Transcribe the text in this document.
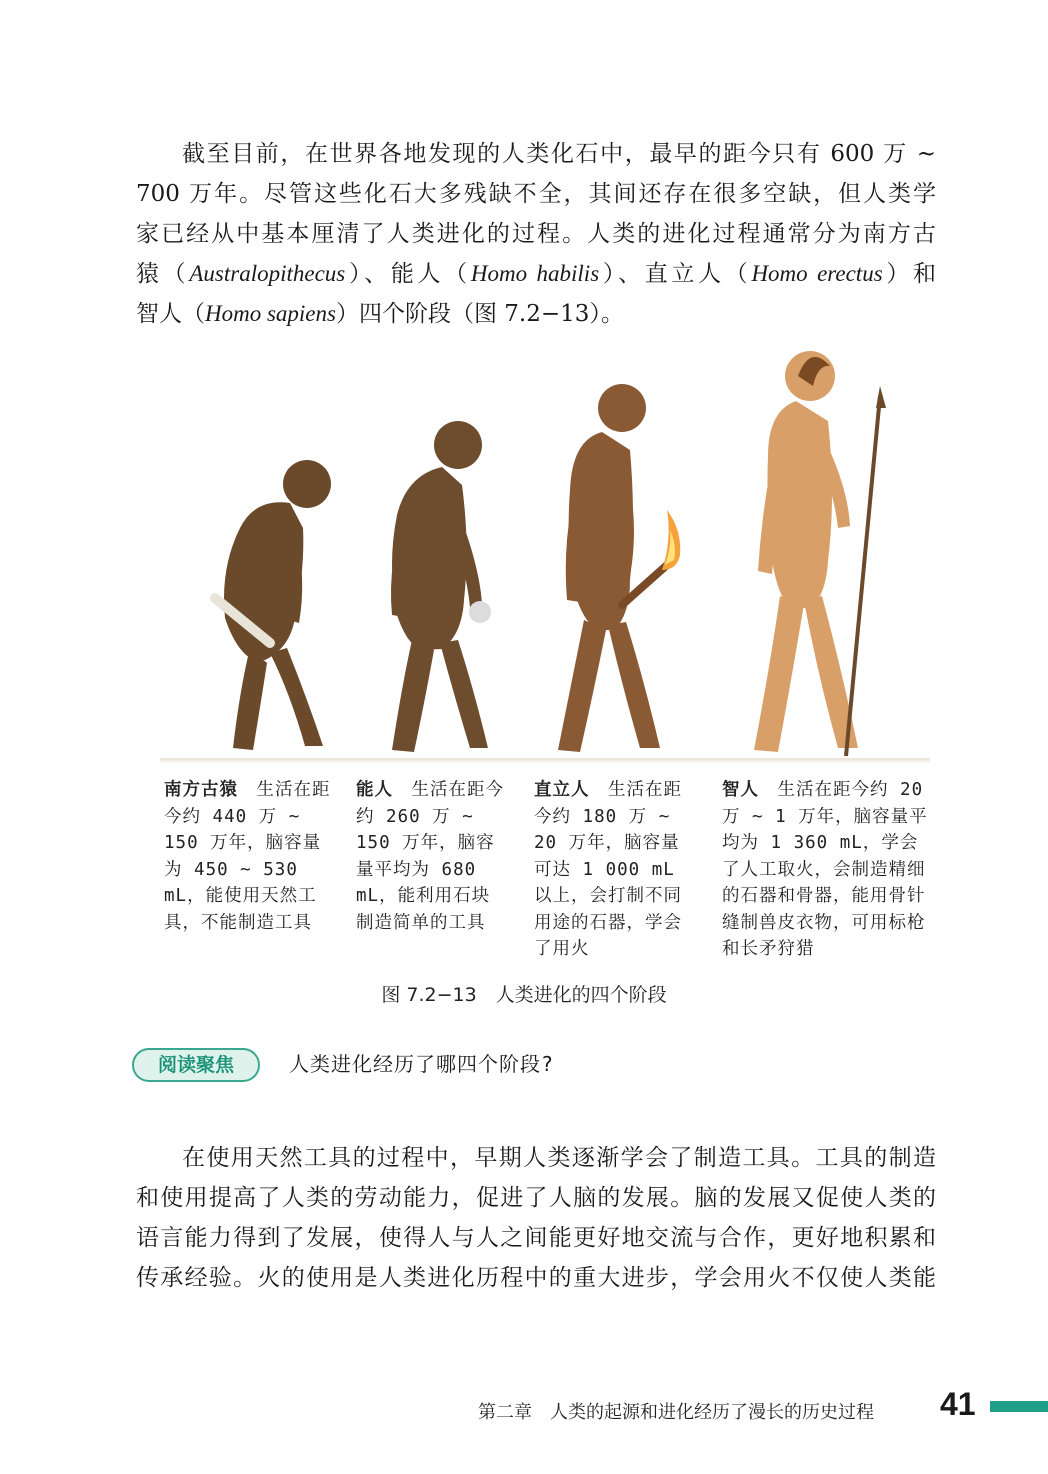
截至目前，在世界各地发现的人类化石中，最早的距今只有 600 万 ~
700 万年。尽管这些化石大多残缺不全，其间还存在很多空缺，但人类学
家已经从中基本厘清了人类进化的过程。人类的进化过程通常分为南方古
猿（Australopithecus）、能人（Homo habilis）、直立人（Homo erectus）和
智人（Homo sapiens）四个阶段（图 7.2−13）。
南方古猿　 生活在距今约 440 万 ~ 150 万年，脑容量为 450 ~ 530 mL，能使用天然工具，不能制造工具
能人　 生活在距今约 260 万 ~ 150 万年，脑容量平均为 680 mL，能利用石块制造简单的工具
直立人　 生活在距今约 180 万 ~ 20 万年，脑容量可达 1 000 mL 以上，会打制不同用途的石器，学会了用火
智人　 生活在距今约 20 万 ~ 1 万年，脑容量平均为 1 360 mL，学会了人工取火，会制造精细的石器和骨器，能用骨针缝制兽皮衣物，可用标枪和长矛狩猎
图 7.2−13　人类进化的四个阶段
阅读聚焦	人类进化经历了哪四个阶段?
在使用天然工具的过程中，早期人类逐渐学会了制造工具。工具的制造
和使用提高了人类的劳动能力，促进了人脑的发展。脑的发展又促使人类的
语言能力得到了发展，使得人与人之间能更好地交流与合作，更好地积累和
传承经验。火的使用是人类进化历程中的重大进步，学会用火不仅使人类能
第二章　人类的起源和进化经历了漫长的历史过程 41
